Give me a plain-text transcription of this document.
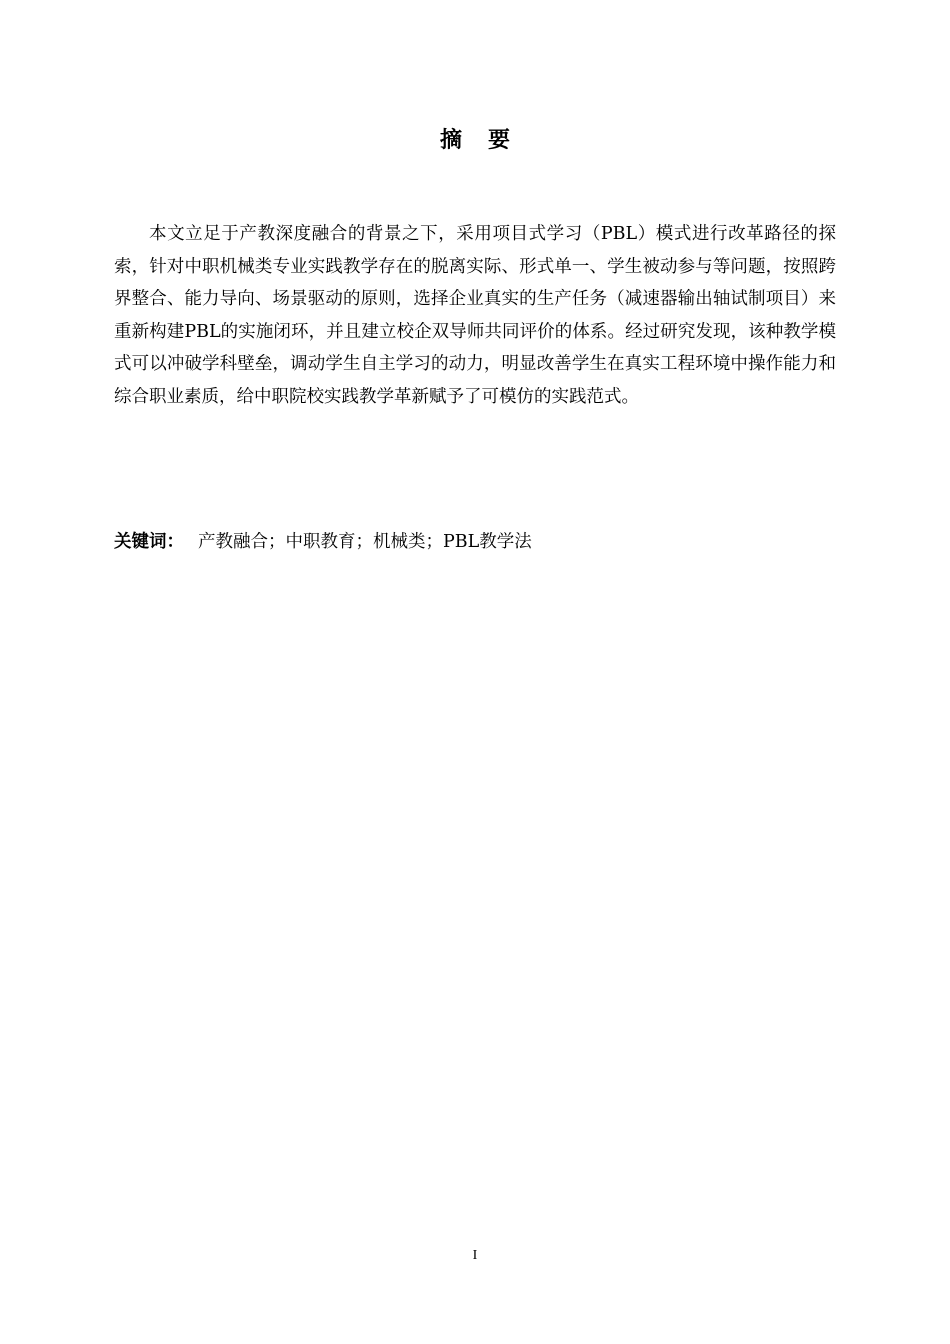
摘要

本文立足于产教深度融合的背景之下，采用项目式学习（PBL）模式进行改革路径的探索，针对中职机械类专业实践教学存在的脱离实际、形式单一、学生被动参与等问题，按照跨界整合、能力导向、场景驱动的原则，选择企业真实的生产任务（减速器输出轴试制项目）来重新构建PBL的实施闭环，并且建立校企双导师共同评价的体系。经过研究发现，该种教学模式可以冲破学科壁垒，调动学生自主学习的动力，明显改善学生在真实工程环境中操作能力和综合职业素质，给中职院校实践教学革新赋予了可模仿的实践范式。

关键词： 产教融合；中职教育；机械类；PBL教学法

I
